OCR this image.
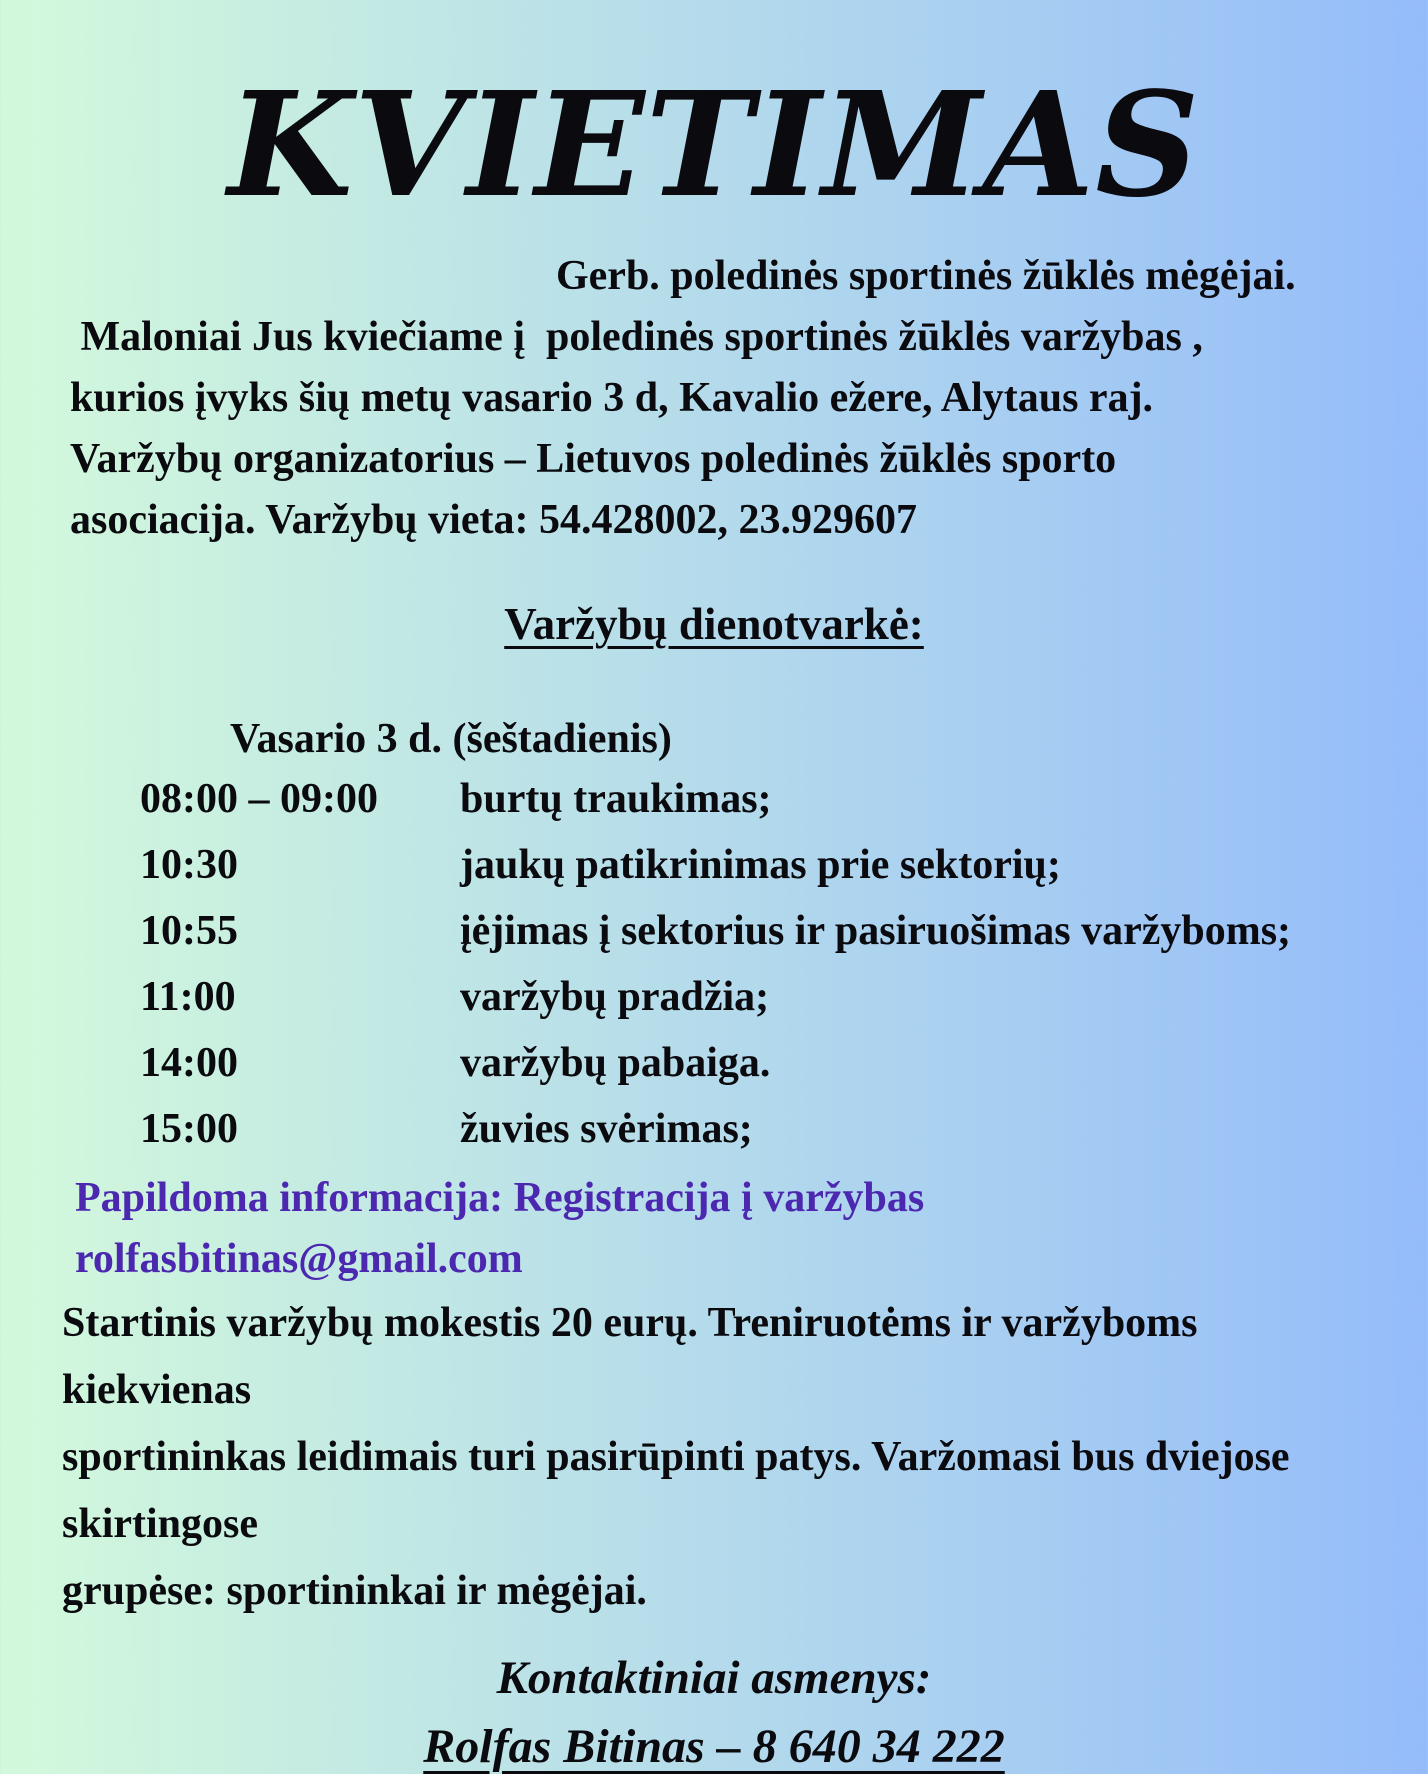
KVIETIMAS

Gerb. poledinės sportinės žūklės mėgėjai.

Maloniai Jus kviečiame į  poledinės sportinės žūklės varžybas ,

kurios įvyks šių metų vasario 3 d, Kavalio ežere, Alytaus raj.

Varžybų organizatorius – Lietuvos poledinės žūklės sporto

asociacija. Varžybų vieta: 54.428002, 23.929607

Varžybų dienotvarkė:

Vasario 3 d. (šeštadienis)

08:00 – 09:00	burtų traukimas;
10:30	jaukų patikrinimas prie sektorių;
10:55	įėjimas į sektorius ir pasiruošimas varžyboms;
11:00	varžybų pradžia;
14:00	varžybų pabaiga.
15:00	žuvies svėrimas;

Papildoma informacija: Registracija į varžybas rolfasbitinas@gmail.com

Startinis varžybų mokestis 20 eurų. Treniruotėms ir varžyboms kiekvienas

sportininkas leidimais turi pasirūpinti patys. Varžomasi bus dviejose skirtingose

grupėse: sportininkai ir mėgėjai.

Kontaktiniai asmenys:

Rolfas Bitinas – 8 640 34 222
